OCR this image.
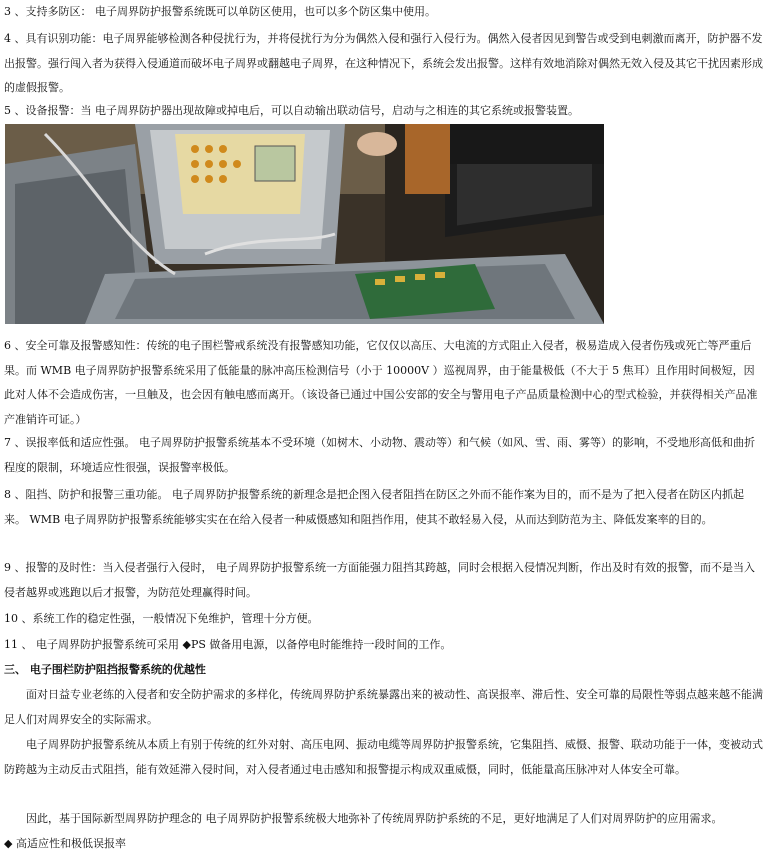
3 、支持多防区： 电子周界防护报警系统既可以单防区使用，也可以多个防区集中使用。

4 、具有识别功能：电子周界能够检测各种侵扰行为，并将侵扰行为分为偶然入侵和强行入侵行为。偶然入侵者因见到警告或受到电刺激而离开，防护器不发出报警。强行闯入者为获得入侵通道而破坏电子周界或翻越电子周界，在这种情况下，系统会发出报警。这样有效地消除对偶然无效入侵及其它干扰因素形成的虚假报警。

5 、设备报警：当 电子周界防护器出现故障或掉电后，可以自动输出联动信号，启动与之相连的其它系统或报警装置。

6 、安全可靠及报警感知性：传统的电子围栏警戒系统没有报警感知功能，它仅仅以高压、大电流的方式阻止入侵者，极易造成入侵者伤残或死亡等严重后果。而 WMB 电子周界防护报警系统采用了低能量的脉冲高压检测信号（小于 10000V ）巡视周界，由于能量极低（不大于 5 焦耳）且作用时间极短，因此对人体不会造成伤害，一旦触及，也会因有触电感而离开。（该设备已通过中国公安部的安全与警用电子产品质量检测中心的型式检验，并获得相关产品准产准销许可证。）

7 、误报率低和适应性强。 电子周界防护报警系统基本不受环境（如树木、小动物、震动等）和气候（如风、雪、雨、雾等）的影响，不受地形高低和曲折程度的限制，环境适应性很强，误报警率极低。

8 、阻挡、防护和报警三重功能。 电子周界防护报警系统的新理念是把企图入侵者阻挡在防区之外而不能作案为目的，而不是为了把入侵者在防区内抓起来。 WMB 电子周界防护报警系统能够实实在在给入侵者一种威慑感知和阻挡作用，使其不敢轻易入侵，从而达到防范为主、降低发案率的目的。

9 、报警的及时性：当入侵者强行入侵时， 电子周界防护报警系统一方面能强力阻挡其跨越，同时会根据入侵情况判断，作出及时有效的报警，而不是当入侵者越界或逃跑以后才报警，为防范处理赢得时间。

10 、系统工作的稳定性强，一般情况下免维护，管理十分方便。

11 、 电子周界防护报警系统可采用 ◆PS 做备用电源，以备停电时能维持一段时间的工作。

三、 电子围栏防护阻挡报警系统的优越性

面对日益专业老练的入侵者和安全防护需求的多样化，传统周界防护系统暴露出来的被动性、高误报率、滞后性、安全可靠的局限性等弱点越来越不能满足人们对周界安全的实际需求。

电子周界防护报警系统从本质上有别于传统的红外对射、高压电网、振动电缆等周界防护报警系统，它集阻挡、威慑、报警、联动功能于一体，变被动式防跨越为主动反击式阻挡，能有效延滞入侵时间，对入侵者通过电击感知和报警提示构成双重威慑，同时，低能量高压脉冲对人体安全可靠。

因此，基于国际新型周界防护理念的 电子周界防护报警系统极大地弥补了传统周界防护系统的不足，更好地满足了人们对周界防护的应用需求。

◆ 高适应性和极低误报率
